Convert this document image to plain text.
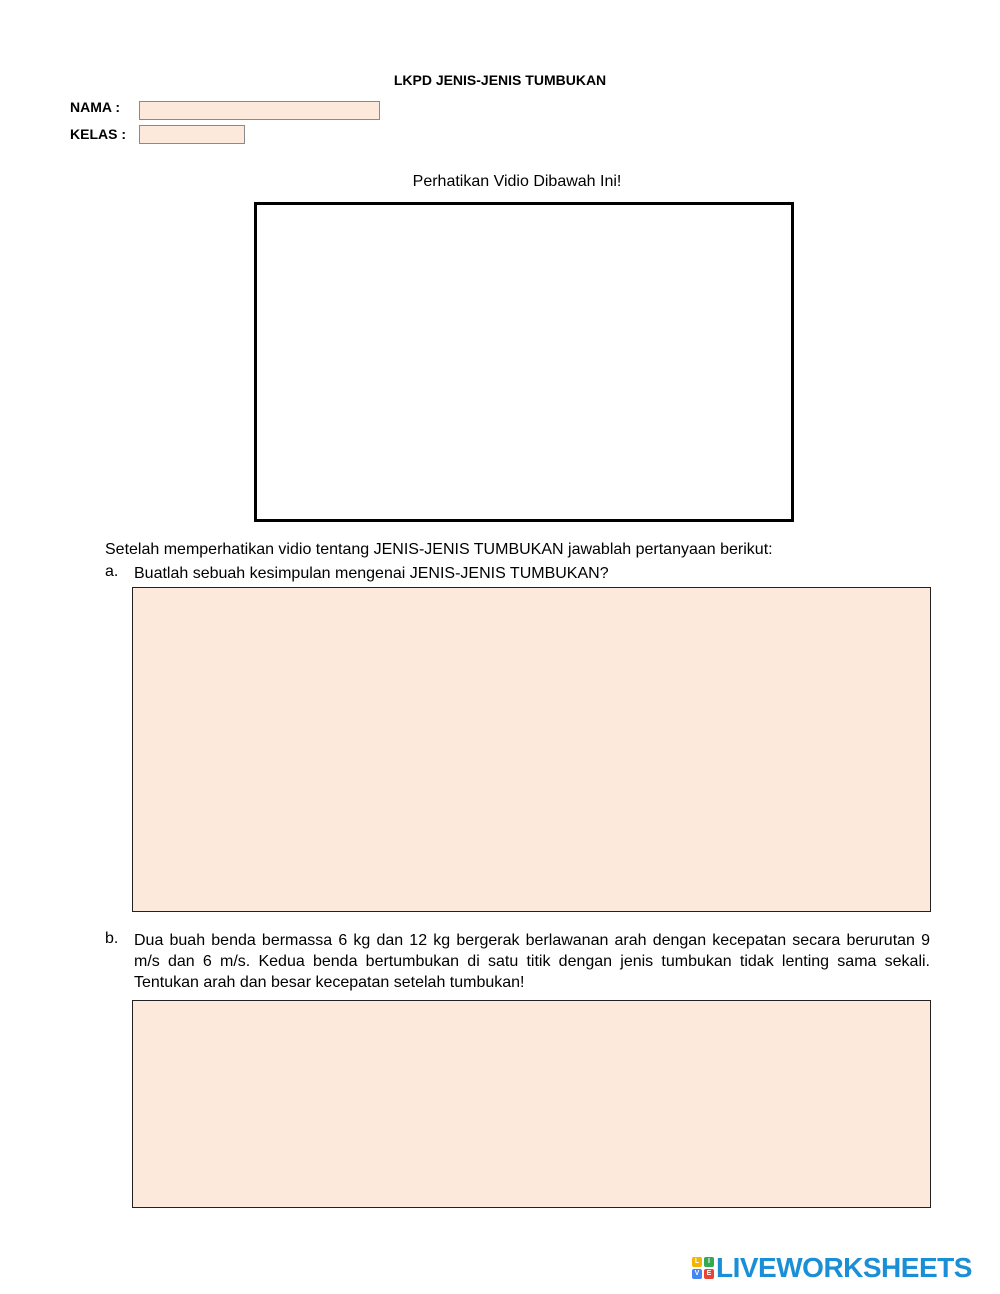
LKPD JENIS-JENIS TUMBUKAN
NAMA :
KELAS :
Perhatikan Vidio Dibawah Ini!
Setelah memperhatikan vidio tentang JENIS-JENIS TUMBUKAN jawablah pertanyaan berikut:
a. Buatlah sebuah kesimpulan mengenai JENIS-JENIS TUMBUKAN?
b. Dua buah benda bermassa 6 kg dan 12 kg bergerak berlawanan arah dengan kecepatan secara berurutan 9 m/s dan 6 m/s. Kedua benda bertumbukan di satu titik dengan jenis tumbukan tidak lenting sama sekali. Tentukan arah dan besar kecepatan setelah tumbukan!
L	I
V	E LIVEWORKSHEETS
